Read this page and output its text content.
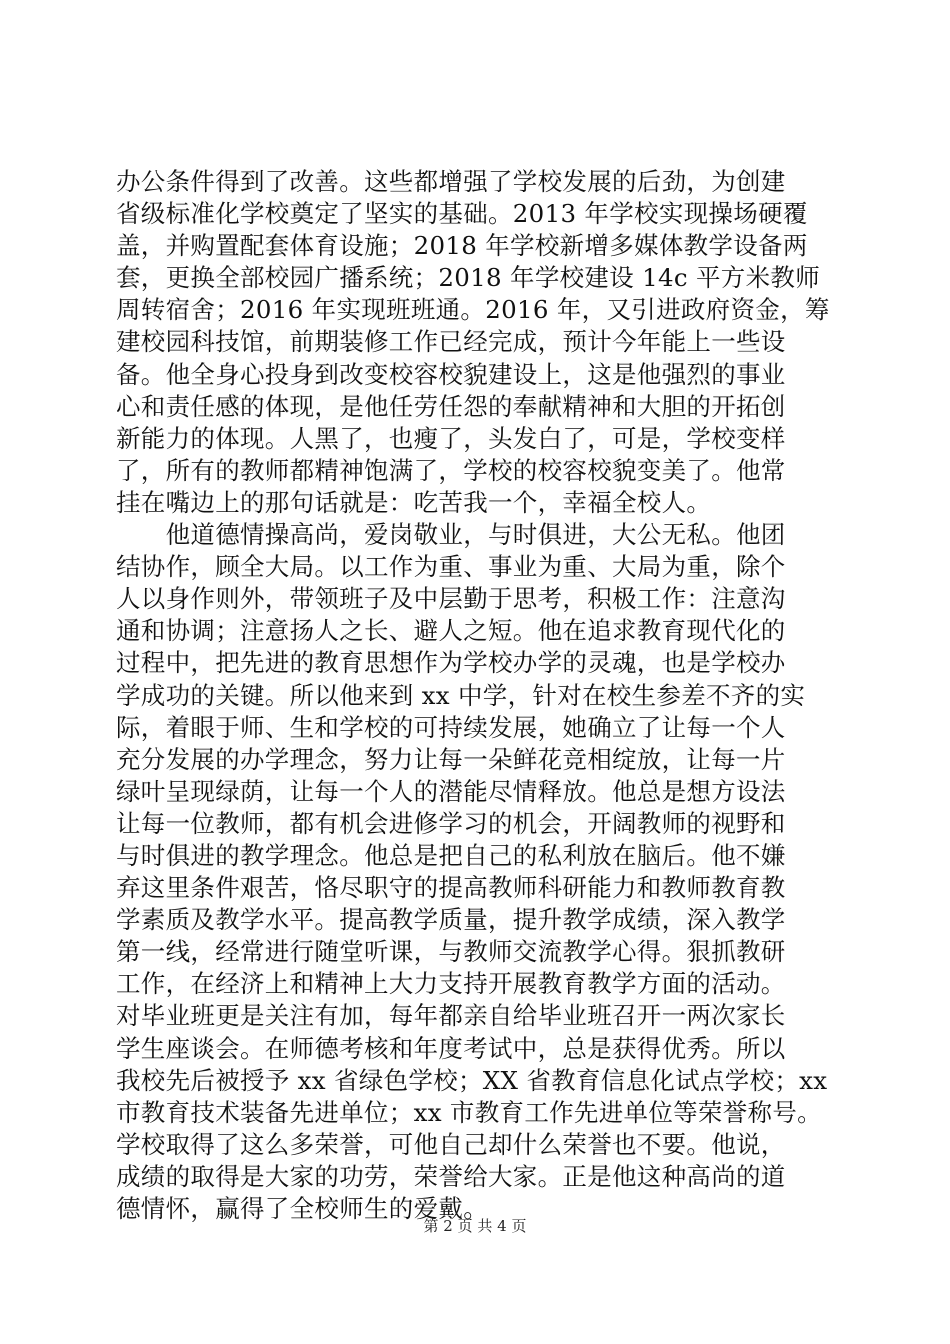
办公条件得到了改善。这些都增强了学校发展的后劲，为创建
省级标准化学校奠定了坚实的基础。2013 年学校实现操场硬覆
盖，并购置配套体育设施；2018 年学校新增多媒体教学设备两
套，更换全部校园广播系统；2018 年学校建设 14c 平方米教师
周转宿舍；2016 年实现班班通。2016 年，又引进政府资金，筹
建校园科技馆，前期装修工作已经完成，预计今年能上一些设
备。他全身心投身到改变校容校貌建设上，这是他强烈的事业
心和责任感的体现，是他任劳任怨的奉献精神和大胆的开拓创
新能力的体现。人黑了，也瘦了，头发白了，可是，学校变样
了，所有的教师都精神饱满了，学校的校容校貌变美了。他常
挂在嘴边上的那句话就是：吃苦我一个，幸福全校人。
　　他道德情操高尚，爱岗敬业，与时俱进，大公无私。他团
结协作，顾全大局。以工作为重、事业为重、大局为重，除个
人以身作则外，带领班子及中层勤于思考，积极工作：注意沟
通和协调；注意扬人之长、避人之短。他在追求教育现代化的
过程中，把先进的教育思想作为学校办学的灵魂，也是学校办
学成功的关键。所以他来到 xx 中学，针对在校生参差不齐的实
际，着眼于师、生和学校的可持续发展，她确立了让每一个人
充分发展的办学理念，努力让每一朵鲜花竞相绽放，让每一片
绿叶呈现绿荫，让每一个人的潜能尽情释放。他总是想方设法
让每一位教师，都有机会进修学习的机会，开阔教师的视野和
与时俱进的教学理念。他总是把自己的私利放在脑后。他不嫌
弃这里条件艰苦，恪尽职守的提高教师科研能力和教师教育教
学素质及教学水平。提高教学质量，提升教学成绩，深入教学
第一线，经常进行随堂听课，与教师交流教学心得。狠抓教研
工作，在经济上和精神上大力支持开展教育教学方面的活动。
对毕业班更是关注有加，每年都亲自给毕业班召开一两次家长
学生座谈会。在师德考核和年度考试中，总是获得优秀。所以
我校先后被授予 xx 省绿色学校；XX 省教育信息化试点学校；xx
市教育技术装备先进单位；xx 市教育工作先进单位等荣誉称号。
学校取得了这么多荣誉，可他自己却什么荣誉也不要。他说，
成绩的取得是大家的功劳，荣誉给大家。正是他这种高尚的道
德情怀，赢得了全校师生的爱戴。
第 2 页 共 4 页
